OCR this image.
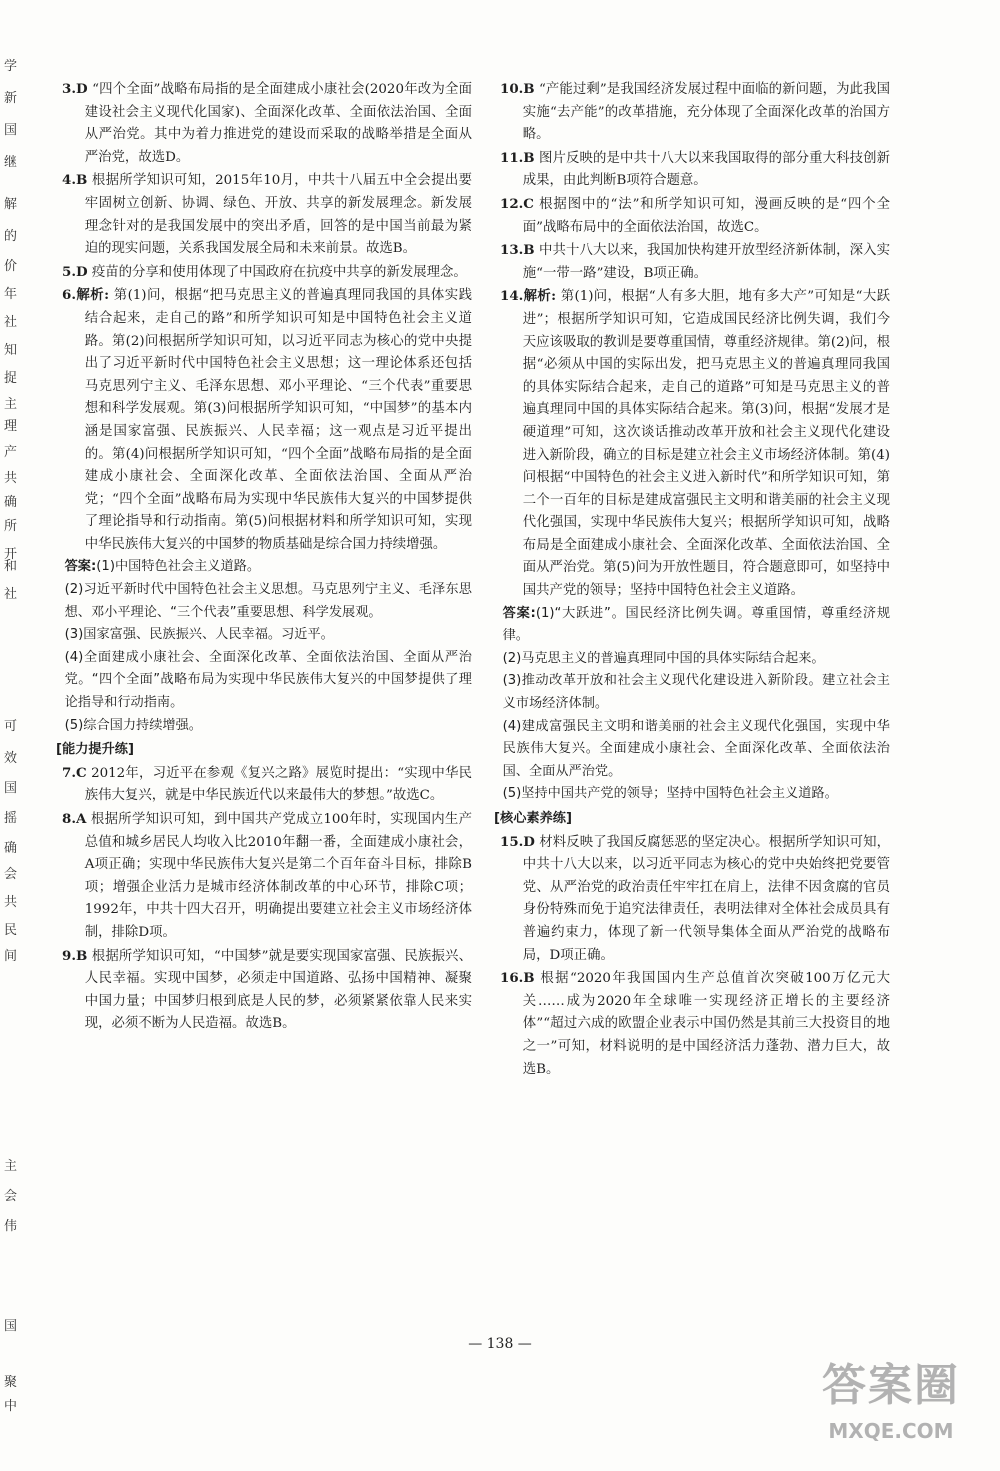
学
新
国
继
解
的
价
年
社
知
捉
主
理
产
共
确
所
开
和
社
可
效
国
摇
确
会
共
民
间
主
会
伟
国
聚
中

3.D “四个全面”战略布局指的是全面建成小康社会(2020年改为全面建设社会主义现代化国家)、全面深化改革、全面依法治国、全面从严治党。其中为着力推进党的建设而采取的战略举措是全面从严治党，故选D。

4.B 根据所学知识可知，2015年10月，中共十八届五中全会提出要牢固树立创新、协调、绿色、开放、共享的新发展理念。新发展理念针对的是我国发展中的突出矛盾，回答的是中国当前最为紧迫的现实问题，关系我国发展全局和未来前景。故选B。

5.D 疫苗的分享和使用体现了中国政府在抗疫中共享的新发展理念。

6.解析: 第(1)问，根据“把马克思主义的普遍真理同我国的具体实践结合起来，走自己的路”和所学知识可知是中国特色社会主义道路。第(2)问根据所学知识可知，以习近平同志为核心的党中央提出了习近平新时代中国特色社会主义思想；这一理论体系还包括马克思列宁主义、毛泽东思想、邓小平理论、“三个代表”重要思想和科学发展观。第(3)问根据所学知识可知，“中国梦”的基本内涵是国家富强、民族振兴、人民幸福；这一观点是习近平提出的。第(4)问根据所学知识可知，“四个全面”战略布局指的是全面建成小康社会、全面深化改革、全面依法治国、全面从严治党；“四个全面”战略布局为实现中华民族伟大复兴的中国梦提供了理论指导和行动指南。第(5)问根据材料和所学知识可知，实现中华民族伟大复兴的中国梦的物质基础是综合国力持续增强。

答案:(1)中国特色社会主义道路。

(2)习近平新时代中国特色社会主义思想。马克思列宁主义、毛泽东思想、邓小平理论、“三个代表”重要思想、科学发展观。

(3)国家富强、民族振兴、人民幸福。习近平。

(4)全面建成小康社会、全面深化改革、全面依法治国、全面从严治党。“四个全面”战略布局为实现中华民族伟大复兴的中国梦提供了理论指导和行动指南。

(5)综合国力持续增强。

[能力提升练]

7.C 2012年，习近平在参观《复兴之路》展览时提出：“实现中华民族伟大复兴，就是中华民族近代以来最伟大的梦想。”故选C。

8.A 根据所学知识可知，到中国共产党成立100年时，实现国内生产总值和城乡居民人均收入比2010年翻一番，全面建成小康社会，A项正确；实现中华民族伟大复兴是第二个百年奋斗目标，排除B项；增强企业活力是城市经济体制改革的中心环节，排除C项；1992年，中共十四大召开，明确提出要建立社会主义市场经济体制，排除D项。

9.B 根据所学知识可知，“中国梦”就是要实现国家富强、民族振兴、人民幸福。实现中国梦，必须走中国道路、弘扬中国精神、凝聚中国力量；中国梦归根到底是人民的梦，必须紧紧依靠人民来实现，必须不断为人民造福。故选B。

10.B “产能过剩”是我国经济发展过程中面临的新问题，为此我国实施“去产能”的改革措施，充分体现了全面深化改革的治国方略。

11.B 图片反映的是中共十八大以来我国取得的部分重大科技创新成果，由此判断B项符合题意。

12.C 根据图中的“法”和所学知识可知，漫画反映的是“四个全面”战略布局中的全面依法治国，故选C。

13.B 中共十八大以来，我国加快构建开放型经济新体制，深入实施“一带一路”建设，B项正确。

14.解析: 第(1)问，根据“人有多大胆，地有多大产”可知是“大跃进”；根据所学知识可知，它造成国民经济比例失调，我们今天应该吸取的教训是要尊重国情，尊重经济规律。第(2)问，根据“必须从中国的实际出发，把马克思主义的普遍真理同我国的具体实际结合起来，走自己的道路”可知是马克思主义的普遍真理同中国的具体实际结合起来。第(3)问，根据“发展才是硬道理”可知，这次谈话推动改革开放和社会主义现代化建设进入新阶段，确立的目标是建立社会主义市场经济体制。第(4)问根据“中国特色的社会主义进入新时代”和所学知识可知，第二个一百年的目标是建成富强民主文明和谐美丽的社会主义现代化强国，实现中华民族伟大复兴；根据所学知识可知，战略布局是全面建成小康社会、全面深化改革、全面依法治国、全面从严治党。第(5)问为开放性题目，符合题意即可，如坚持中国共产党的领导；坚持中国特色社会主义道路。

答案:(1)“大跃进”。国民经济比例失调。尊重国情，尊重经济规律。

(2)马克思主义的普遍真理同中国的具体实际结合起来。

(3)推动改革开放和社会主义现代化建设进入新阶段。建立社会主义市场经济体制。

(4)建成富强民主文明和谐美丽的社会主义现代化强国，实现中华民族伟大复兴。全面建成小康社会、全面深化改革、全面依法治国、全面从严治党。

(5)坚持中国共产党的领导；坚持中国特色社会主义道路。

[核心素养练]

15.D 材料反映了我国反腐惩恶的坚定决心。根据所学知识可知，中共十八大以来，以习近平同志为核心的党中央始终把党要管党、从严治党的政治责任牢牢扛在肩上，法律不因贪腐的官员身份特殊而免于追究法律责任，表明法律对全体社会成员具有普遍约束力，体现了新一代领导集体全面从严治党的战略布局，D项正确。

16.B 根据“2020年我国国内生产总值首次突破100万亿元大关……成为2020年全球唯一实现经济正增长的主要经济体”“超过六成的欧盟企业表示中国仍然是其前三大投资目的地之一”可知，材料说明的是中国经济活力蓬勃、潜力巨大，故选B。

— 138 —
答案圈
MXQE.COM
